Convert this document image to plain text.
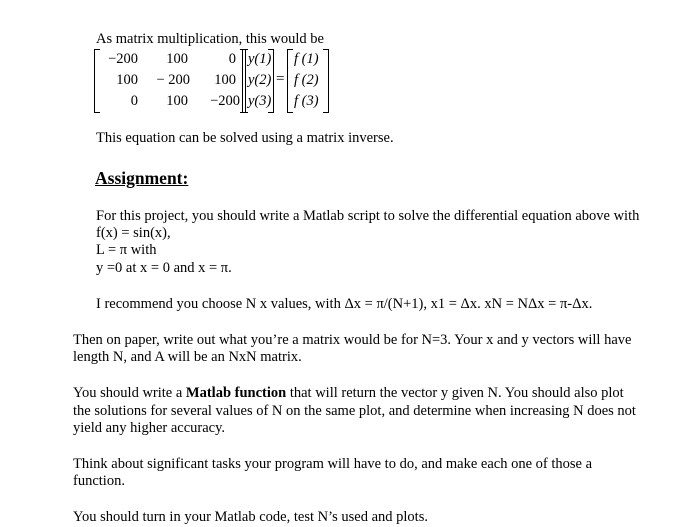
As matrix multiplication, this would be
−200	100	0
100	− 200	100
0	100	−200
y(1)
y(2)
y(3)
=
f (1)
f (2)
f (3)
This equation can be solved using a matrix inverse.
Assignment:
For this project, you should write a Matlab script to solve the differential equation above with
f(x) = sin(x),
L = π with
y =0 at x = 0 and x = π.
I recommend you choose N x values, with Δx = π/(N+1), x1 = Δx. xN = NΔx = π-Δx.
Then on paper, write out what you’re a matrix would be for N=3. Your x and y vectors will have
length N, and A will be an NxN matrix.
You should write a Matlab function that will return the vector y given N. You should also plot
the solutions for several values of N on the same plot, and determine when increasing N does not
yield any higher accuracy.
Think about significant tasks your program will have to do, and make each one of those a
function.
You should turn in your Matlab code, test N’s used and plots.
